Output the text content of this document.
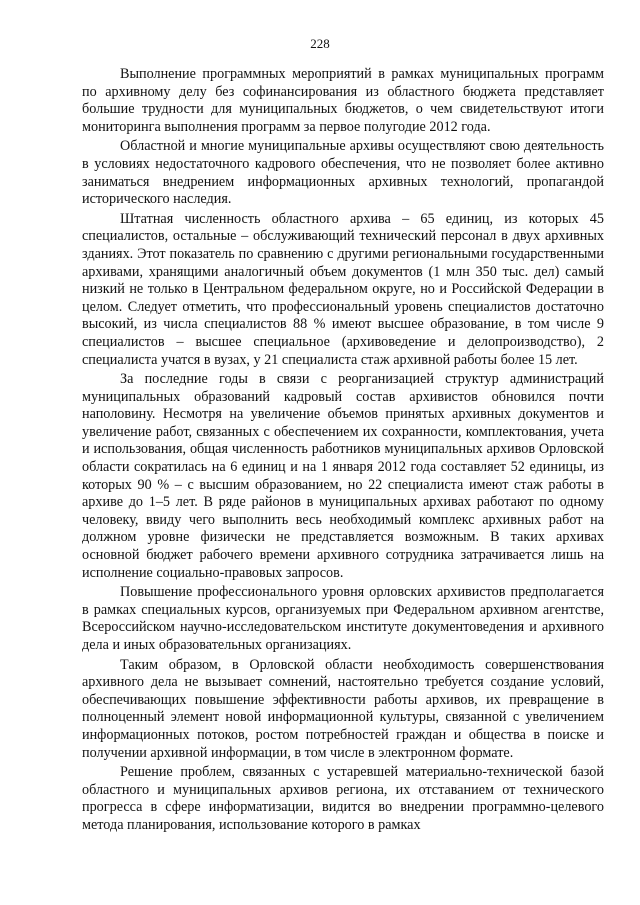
228

Выполнение программных мероприятий в рамках муниципальных программ по архивному делу без софинансирования из областного бюджета представляет большие трудности для муниципальных бюджетов, о чем свидетельствуют итоги мониторинга выполнения программ за первое полугодие 2012 года.

Областной и многие муниципальные архивы осуществляют свою деятельность в условиях недостаточного кадрового обеспечения, что не позволяет более активно заниматься внедрением информационных архивных технологий, пропагандой исторического наследия.

Штатная численность областного архива – 65 единиц, из которых 45 специалистов, остальные – обслуживающий технический персонал в двух архивных зданиях. Этот показатель по сравнению с другими региональными государственными архивами, хранящими аналогичный объем документов (1 млн 350 тыс. дел) самый низкий не только в Центральном федеральном округе, но и Российской Федерации в целом. Следует отметить, что профессиональный уровень специалистов достаточно высокий, из числа специалистов 88 % имеют высшее образование, в том числе 9 специалистов – высшее специальное (архивоведение и делопроизводство), 2 специалиста учатся в вузах, у 21 специалиста стаж архивной работы более 15 лет.

За последние годы в связи с реорганизацией структур администраций муниципальных образований кадровый состав архивистов обновился почти наполовину. Несмотря на увеличение объемов принятых архивных документов и увеличение работ, связанных с обеспечением их сохранности, комплектования, учета и использования, общая численность работников муниципальных архивов Орловской области сократилась на 6 единиц и на 1 января 2012 года составляет 52 единицы, из которых 90 % – с высшим образованием, но 22 специалиста имеют стаж работы в архиве до 1–5 лет. В ряде районов в муниципальных архивах работают по одному человеку, ввиду чего выполнить весь необходимый комплекс архивных работ на должном уровне физически не представляется возможным. В таких архивах основной бюджет рабочего времени архивного сотрудника затрачивается лишь на исполнение социально-правовых запросов.

Повышение профессионального уровня орловских архивистов предполагается в рамках специальных курсов, организуемых при Федеральном архивном агентстве, Всероссийском научно-исследовательском институте документоведения и архивного дела и иных образовательных организациях.

Таким образом, в Орловской области необходимость совершенствования архивного дела не вызывает сомнений, настоятельно требуется создание условий, обеспечивающих повышение эффективности работы архивов, их превращение в полноценный элемент новой информационной культуры, связанной с увеличением информационных потоков, ростом потребностей граждан и общества в поиске и получении архивной информации, в том числе в электронном формате.

Решение проблем, связанных с устаревшей материально-технической базой областного и муниципальных архивов региона, их отставанием от технического прогресса в сфере информатизации, видится во внедрении программно-целевого метода планирования, использование которого в рамках
